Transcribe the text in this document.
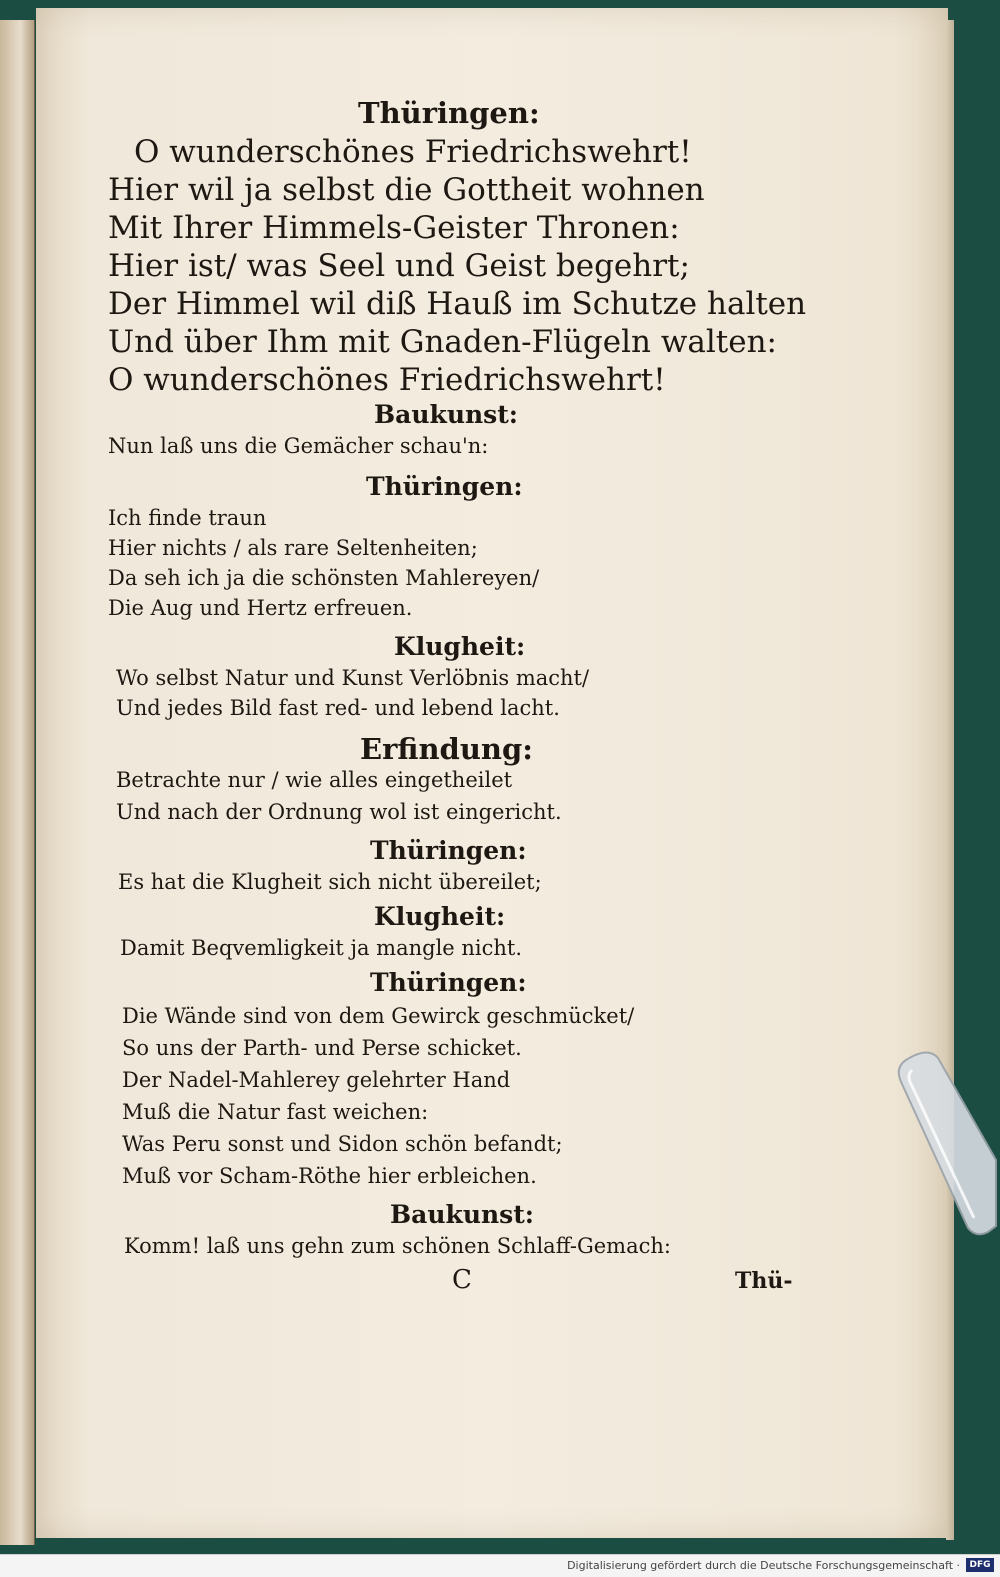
Thüringen:
O wunderschönes Friedrichswehrt!
Hier wil ja selbst die Gottheit wohnen
Mit Ihrer Himmels-Geister Thronen:
Hier ist/ was Seel und Geist begehrt;
Der Himmel wil diß Hauß im Schutze halten
Und über Ihm mit Gnaden-Flügeln walten:
O wunderschönes Friedrichswehrt!
Baukunst:
Nun laß uns die Gemächer schau'n:
Thüringen:
Ich finde traun
Hier nichts / als rare Seltenheiten;
Da seh ich ja die schönsten Mahlereyen/
Die Aug und Hertz erfreuen.
Klugheit:
Wo selbst Natur und Kunst Verlöbnis macht/
Und jedes Bild fast red- und lebend lacht.
Erfindung:
Betrachte nur / wie alles eingetheilet
Und nach der Ordnung wol ist eingericht.
Thüringen:
Es hat die Klugheit sich nicht übereilet;
Klugheit:
Damit Beqvemligkeit ja mangle nicht.
Thüringen:
Die Wände sind von dem Gewirck geschmücket/
So uns der Parth- und Perse schicket.
Der Nadel-Mahlerey gelehrter Hand
Muß die Natur fast weichen:
Was Peru sonst und Sidon schön befandt;
Muß vor Scham-Röthe hier erbleichen.
Baukunst:
Komm! laß uns gehn zum schönen Schlaff-Gemach:
C	Thü-
Digitalisierung gefördert durch die Deutsche Forschungsgemeinschaft ·	DFG
